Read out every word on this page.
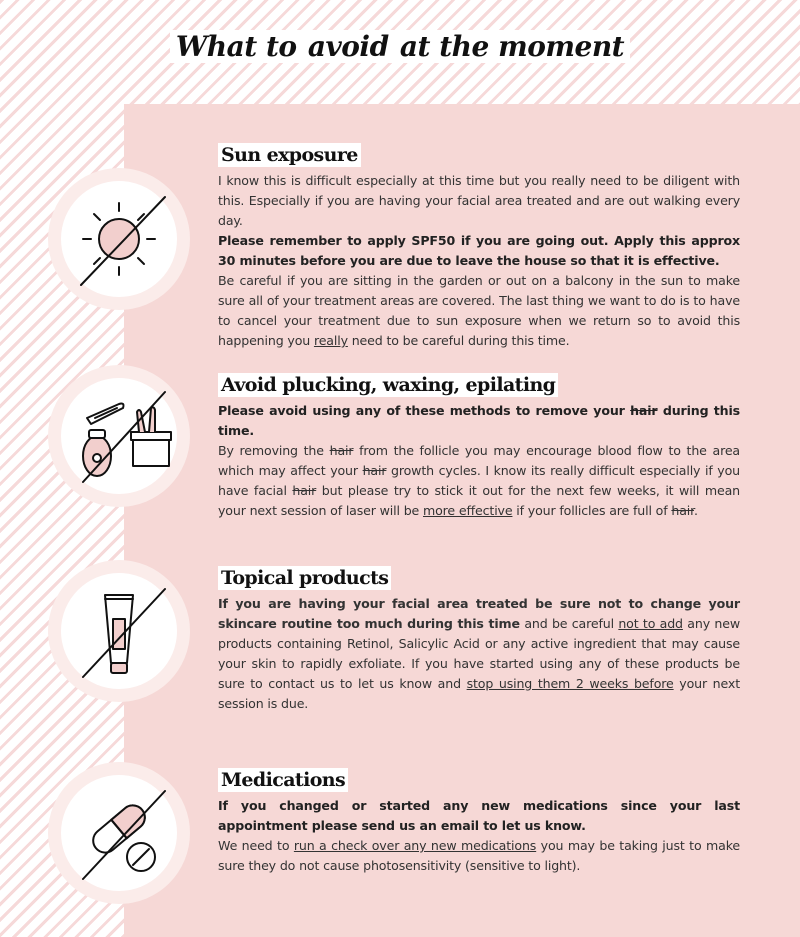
What to avoid at the moment
Sun exposure

I know this is difficult especially at this time but you really need to be diligent with this. Especially if you are having your facial area treated and are out walking every day.

Please remember to apply SPF50 if you are going out. Apply this approx 30 minutes before you are due to leave the house so that it is effective.

Be careful if you are sitting in the garden or out on a balcony in the sun to make sure all of your treatment areas are covered. The last thing we want to do is to have to cancel your treatment due to sun exposure when we return so to avoid this happening you really need to be careful during this time.

Avoid plucking, waxing, epilating

Please avoid using any of these methods to remove your hair during this time.

By removing the hair from the follicle you may encourage blood flow to the area which may affect your hair growth cycles. I know its really difficult especially if you have facial hair but please try to stick it out for the next few weeks, it will mean your next session of laser will be more effective if your follicles are full of hair.

Topical products

If you are having your facial area treated be sure not to change your skincare routine too much during this time and be careful not to add any new products containing Retinol, Salicylic Acid or any active ingredient that may cause your skin to rapidly exfoliate. If you have started using any of these products be sure to contact us to let us know and stop using them 2 weeks before your next session is due.

Medications

If you changed or started any new medications since your last appointment please send us an email to let us know.

We need to run a check over any new medications you may be taking just to make sure they do not cause photosensitivity (sensitive to light).
